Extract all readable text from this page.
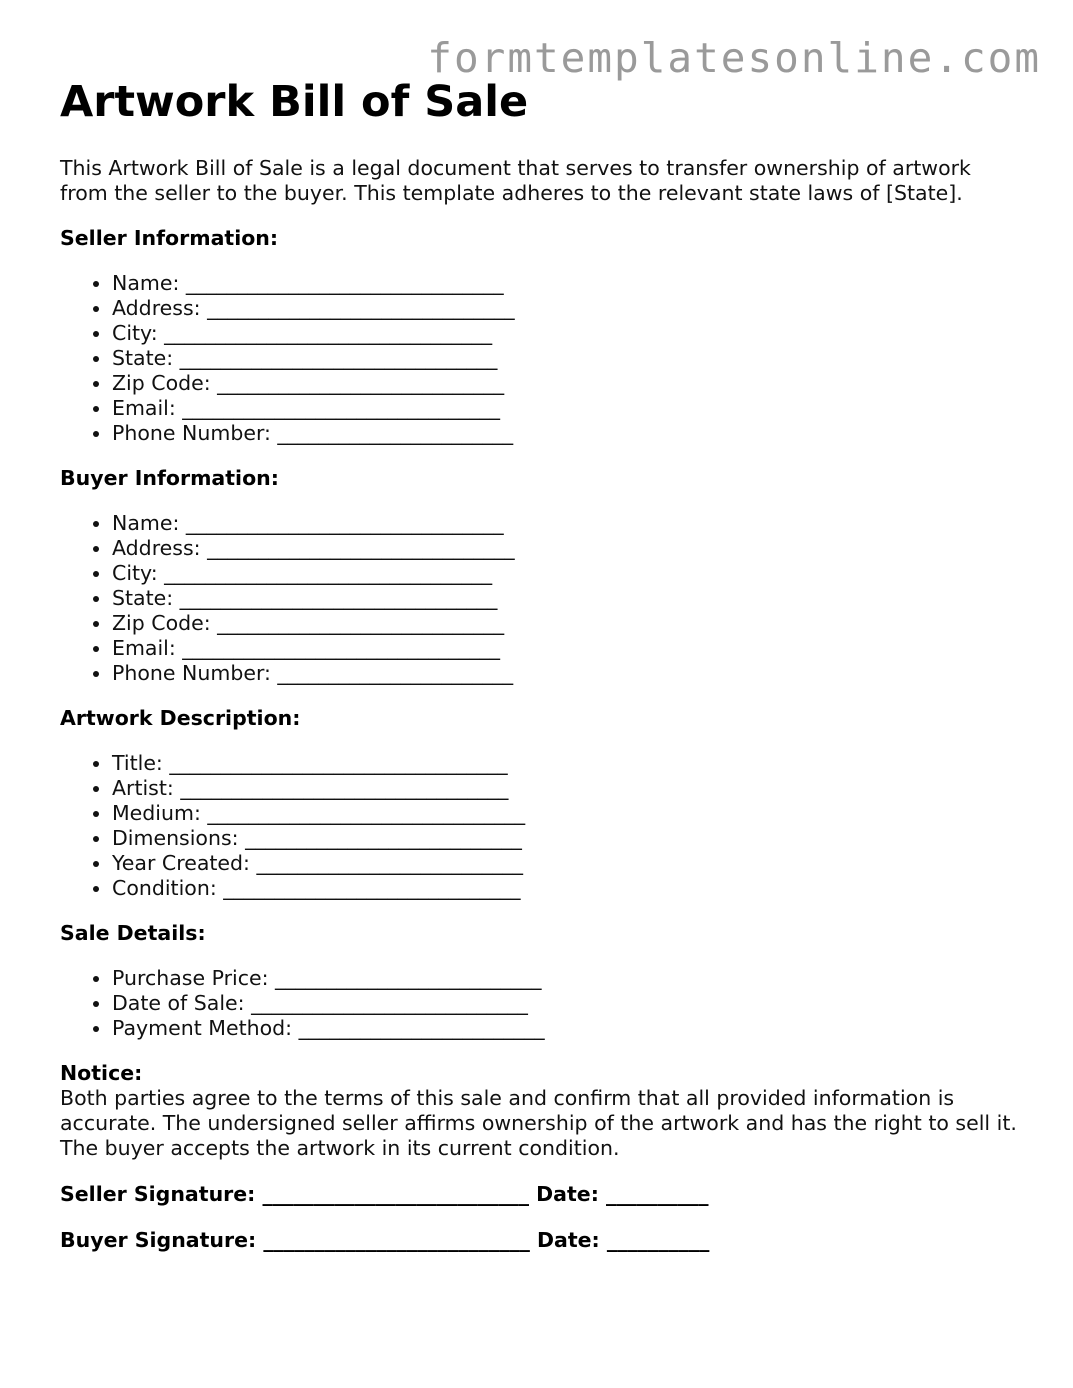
formtemplatesonline.com
Artwork Bill of Sale

This Artwork Bill of Sale is a legal document that serves to transfer ownership of artwork from the seller to the buyer. This template adheres to the relevant state laws of [State].

Seller Information:

• Name: _______________________________
• Address: ______________________________
• City: ________________________________
• State: _______________________________
• Zip Code: ____________________________
• Email: _______________________________
• Phone Number: _______________________

Buyer Information:

• Name: _______________________________
• Address: ______________________________
• City: ________________________________
• State: _______________________________
• Zip Code: ____________________________
• Email: _______________________________
• Phone Number: _______________________

Artwork Description:

• Title: _________________________________
• Artist: ________________________________
• Medium: _______________________________
• Dimensions: ___________________________
• Year Created: __________________________
• Condition: _____________________________

Sale Details:

• Purchase Price: __________________________
• Date of Sale: ___________________________
• Payment Method: ________________________

Notice:

Both parties agree to the terms of this sale and confirm that all provided information is accurate. The undersigned seller affirms ownership of the artwork and has the right to sell it. The buyer accepts the artwork in its current condition.

Seller Signature: __________________________ Date: __________

Buyer Signature: __________________________ Date: __________
